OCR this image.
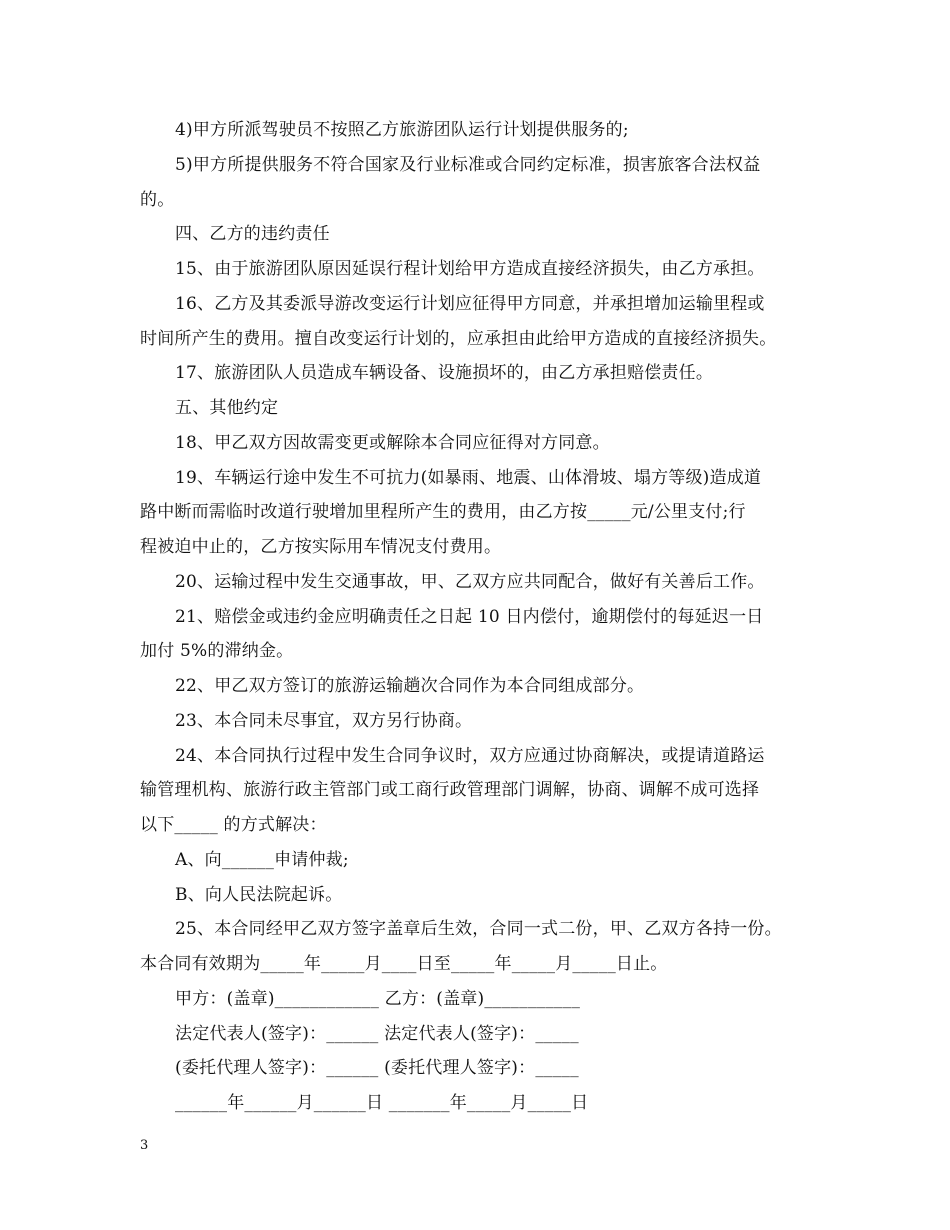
4)甲方所派驾驶员不按照乙方旅游团队运行计划提供服务的;
5)甲方所提供服务不符合国家及行业标准或合同约定标准，损害旅客合法权益
的。
四、乙方的违约责任
15、由于旅游团队原因延误行程计划给甲方造成直接经济损失，由乙方承担。
16、乙方及其委派导游改变运行计划应征得甲方同意，并承担增加运输里程或
时间所产生的费用。擅自改变运行计划的，应承担由此给甲方造成的直接经济损失。
17、旅游团队人员造成车辆设备、设施损坏的，由乙方承担赔偿责任。
五、其他约定
18、甲乙双方因故需变更或解除本合同应征得对方同意。
19、车辆运行途中发生不可抗力(如暴雨、地震、山体滑坡、塌方等级)造成道
路中断而需临时改道行驶增加里程所产生的费用，由乙方按_____元/公里支付;行
程被迫中止的，乙方按实际用车情况支付费用。
20、运输过程中发生交通事故，甲、乙双方应共同配合，做好有关善后工作。
21、赔偿金或违约金应明确责任之日起 10 日内偿付，逾期偿付的每延迟一日
加付 5%的滞纳金。
22、甲乙双方签订的旅游运输趟次合同作为本合同组成部分。
23、本合同未尽事宜，双方另行协商。
24、本合同执行过程中发生合同争议时，双方应通过协商解决，或提请道路运
输管理机构、旅游行政主管部门或工商行政管理部门调解，协商、调解不成可选择
以下_____ 的方式解决：
A、向______申请仲裁;
B、向人民法院起诉。
25、本合同经甲乙双方签字盖章后生效，合同一式二份，甲、乙双方各持一份。
本合同有效期为_____年_____月____日至_____年_____月_____日止。
甲方：(盖章)____________ 乙方：(盖章)___________
法定代表人(签字)：______ 法定代表人(签字)：_____
(委托代理人签字)：______ (委托代理人签字)：_____
______年______月______日 _______年_____月_____日
3
